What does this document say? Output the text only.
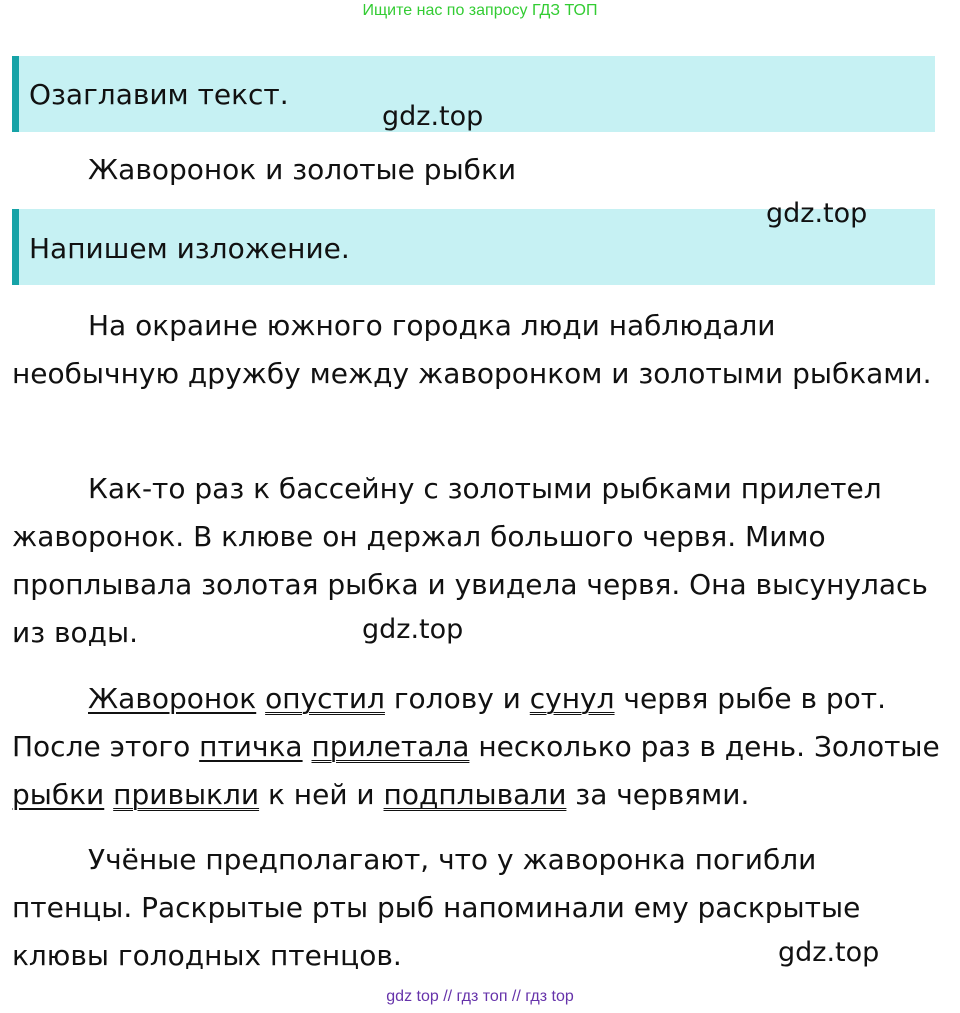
Ищите нас по запросу ГДЗ ТОП
Озаглавим текст.
gdz.top
Жаворонок и золотые рыбки
Напишем изложение.
gdz.top
На окраине южного городка люди наблюдали необычную дружбу между жаворонком и золотыми рыбками.
Как-то раз к бассейну с золотыми рыбками прилетел жаворонок. В клюве он держал большого червя. Мимо проплывала золотая рыбка и увидела червя. Она высунулась из воды.	gdz.top
Жаворонок опустил голову и сунул червя рыбе в рот. После этого птичка прилетала несколько раз в день. Золотые рыбки привыкли к ней и подплывали за червями.
Учёные предполагают, что у жаворонка погибли птенцы. Раскрытые рты рыб напоминали ему раскрытые клювы голодных птенцов.	gdz.top
gdz top // гдз топ // гдз top
